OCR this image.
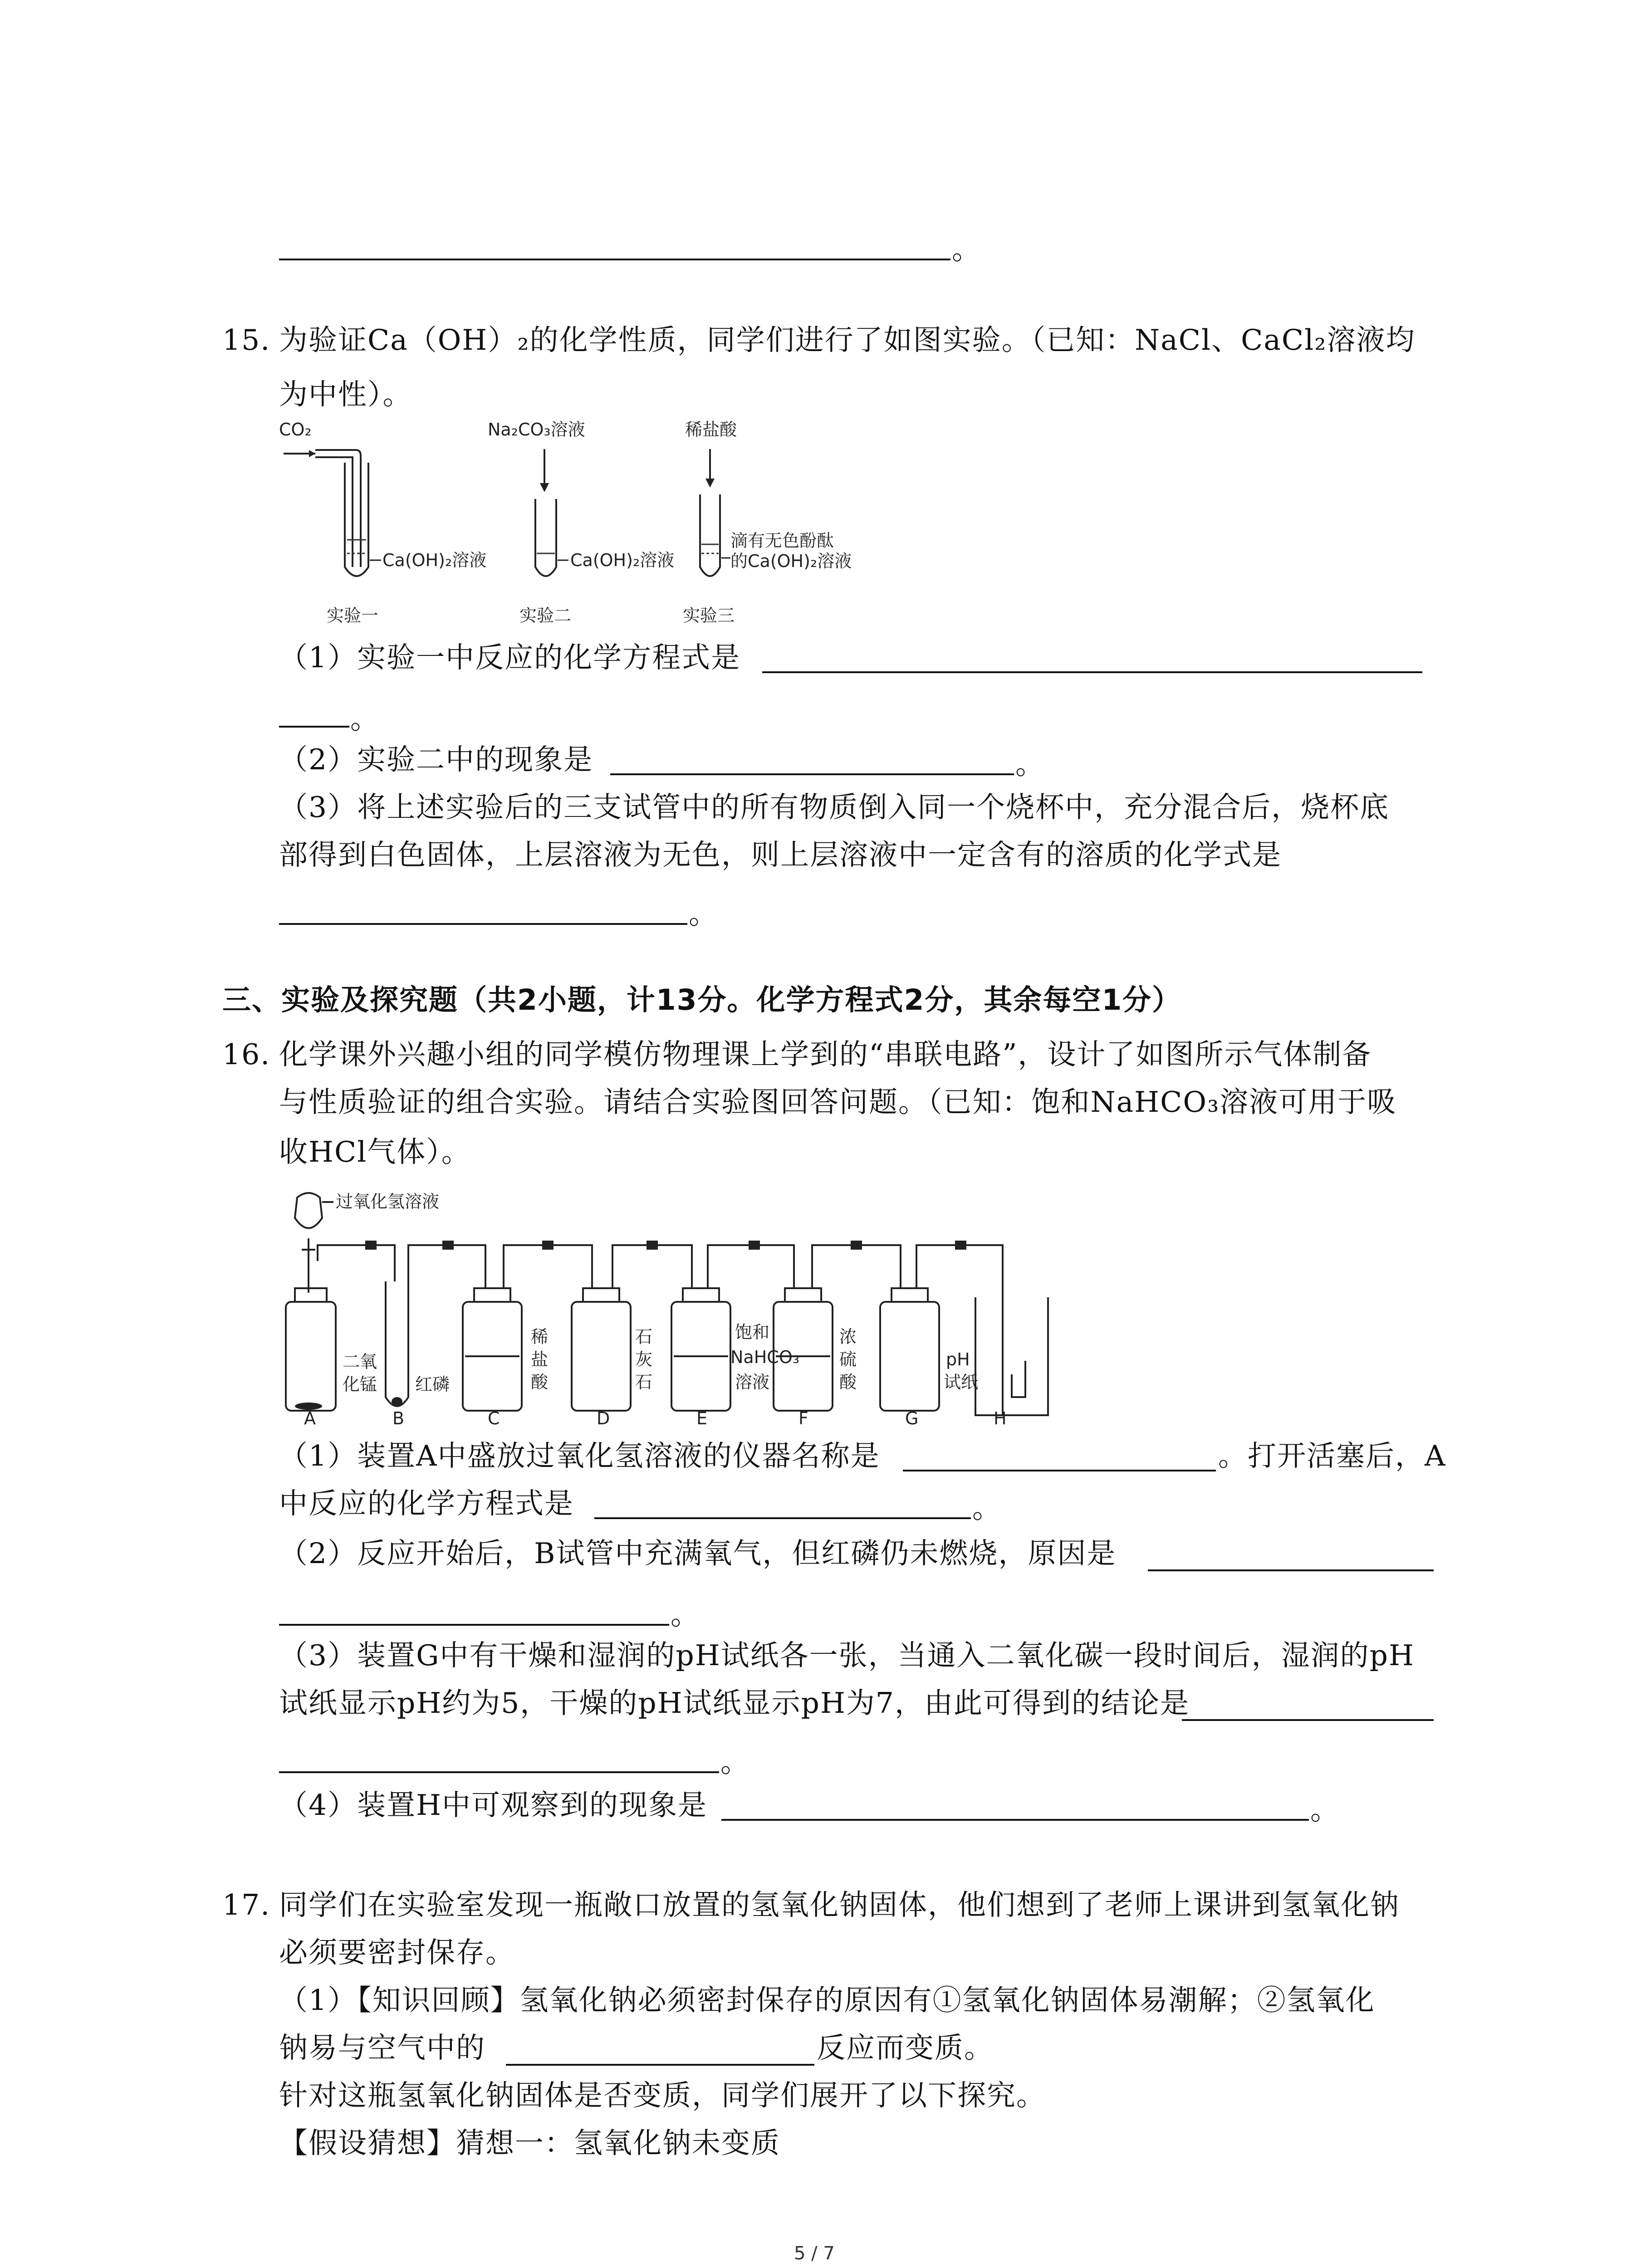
。
15. 为验证Ca（OH）₂的化学性质，同学们进行了如图实验。（已知：NaCl、CaCl₂溶液均
为中性）。
CO₂
Ca(OH)₂溶液
实验一
Na₂CO₃溶液
Ca(OH)₂溶液
实验二
稀盐酸
滴有无色酚酞
的Ca(OH)₂溶液
实验三
（1）实验一中反应的化学方程式是
。
（2）实验二中的现象是	。
（3）将上述实验后的三支试管中的所有物质倒入同一个烧杯中，充分混合后，烧杯底
部得到白色固体，上层溶液为无色，则上层溶液中一定含有的溶质的化学式是
。
三、实验及探究题（共2小题，计13分。化学方程式2分，其余每空1分）
16. 化学课外兴趣小组的同学模仿物理课上学到的“串联电路”，设计了如图所示气体制备
与性质验证的组合实验。请结合实验图回答问题。（已知：饱和NaHCO₃溶液可用于吸
收HCl气体）。
过氧化氢溶液
二氧
化锰 红磷
稀
盐
酸
石
灰
石
饱和
NaHCO₃
溶液
浓
硫
酸
pH
试纸
A	B	C	D	E	F	G	H
（1）装置A中盛放过氧化氢溶液的仪器名称是	。打开活塞后，A
中反应的化学方程式是	。
（2）反应开始后，B试管中充满氧气，但红磷仍未燃烧，原因是
。
（3）装置G中有干燥和湿润的pH试纸各一张，当通入二氧化碳一段时间后，湿润的pH
试纸显示pH约为5，干燥的pH试纸显示pH为7，由此可得到的结论是
。
（4）装置H中可观察到的现象是	。
17. 同学们在实验室发现一瓶敞口放置的氢氧化钠固体，他们想到了老师上课讲到氢氧化钠
必须要密封保存。
（1）【知识回顾】氢氧化钠必须密封保存的原因有①氢氧化钠固体易潮解；②氢氧化
钠易与空气中的	反应而变质。
针对这瓶氢氧化钠固体是否变质，同学们展开了以下探究。
【假设猜想】猜想一：氢氧化钠未变质
5 / 7
